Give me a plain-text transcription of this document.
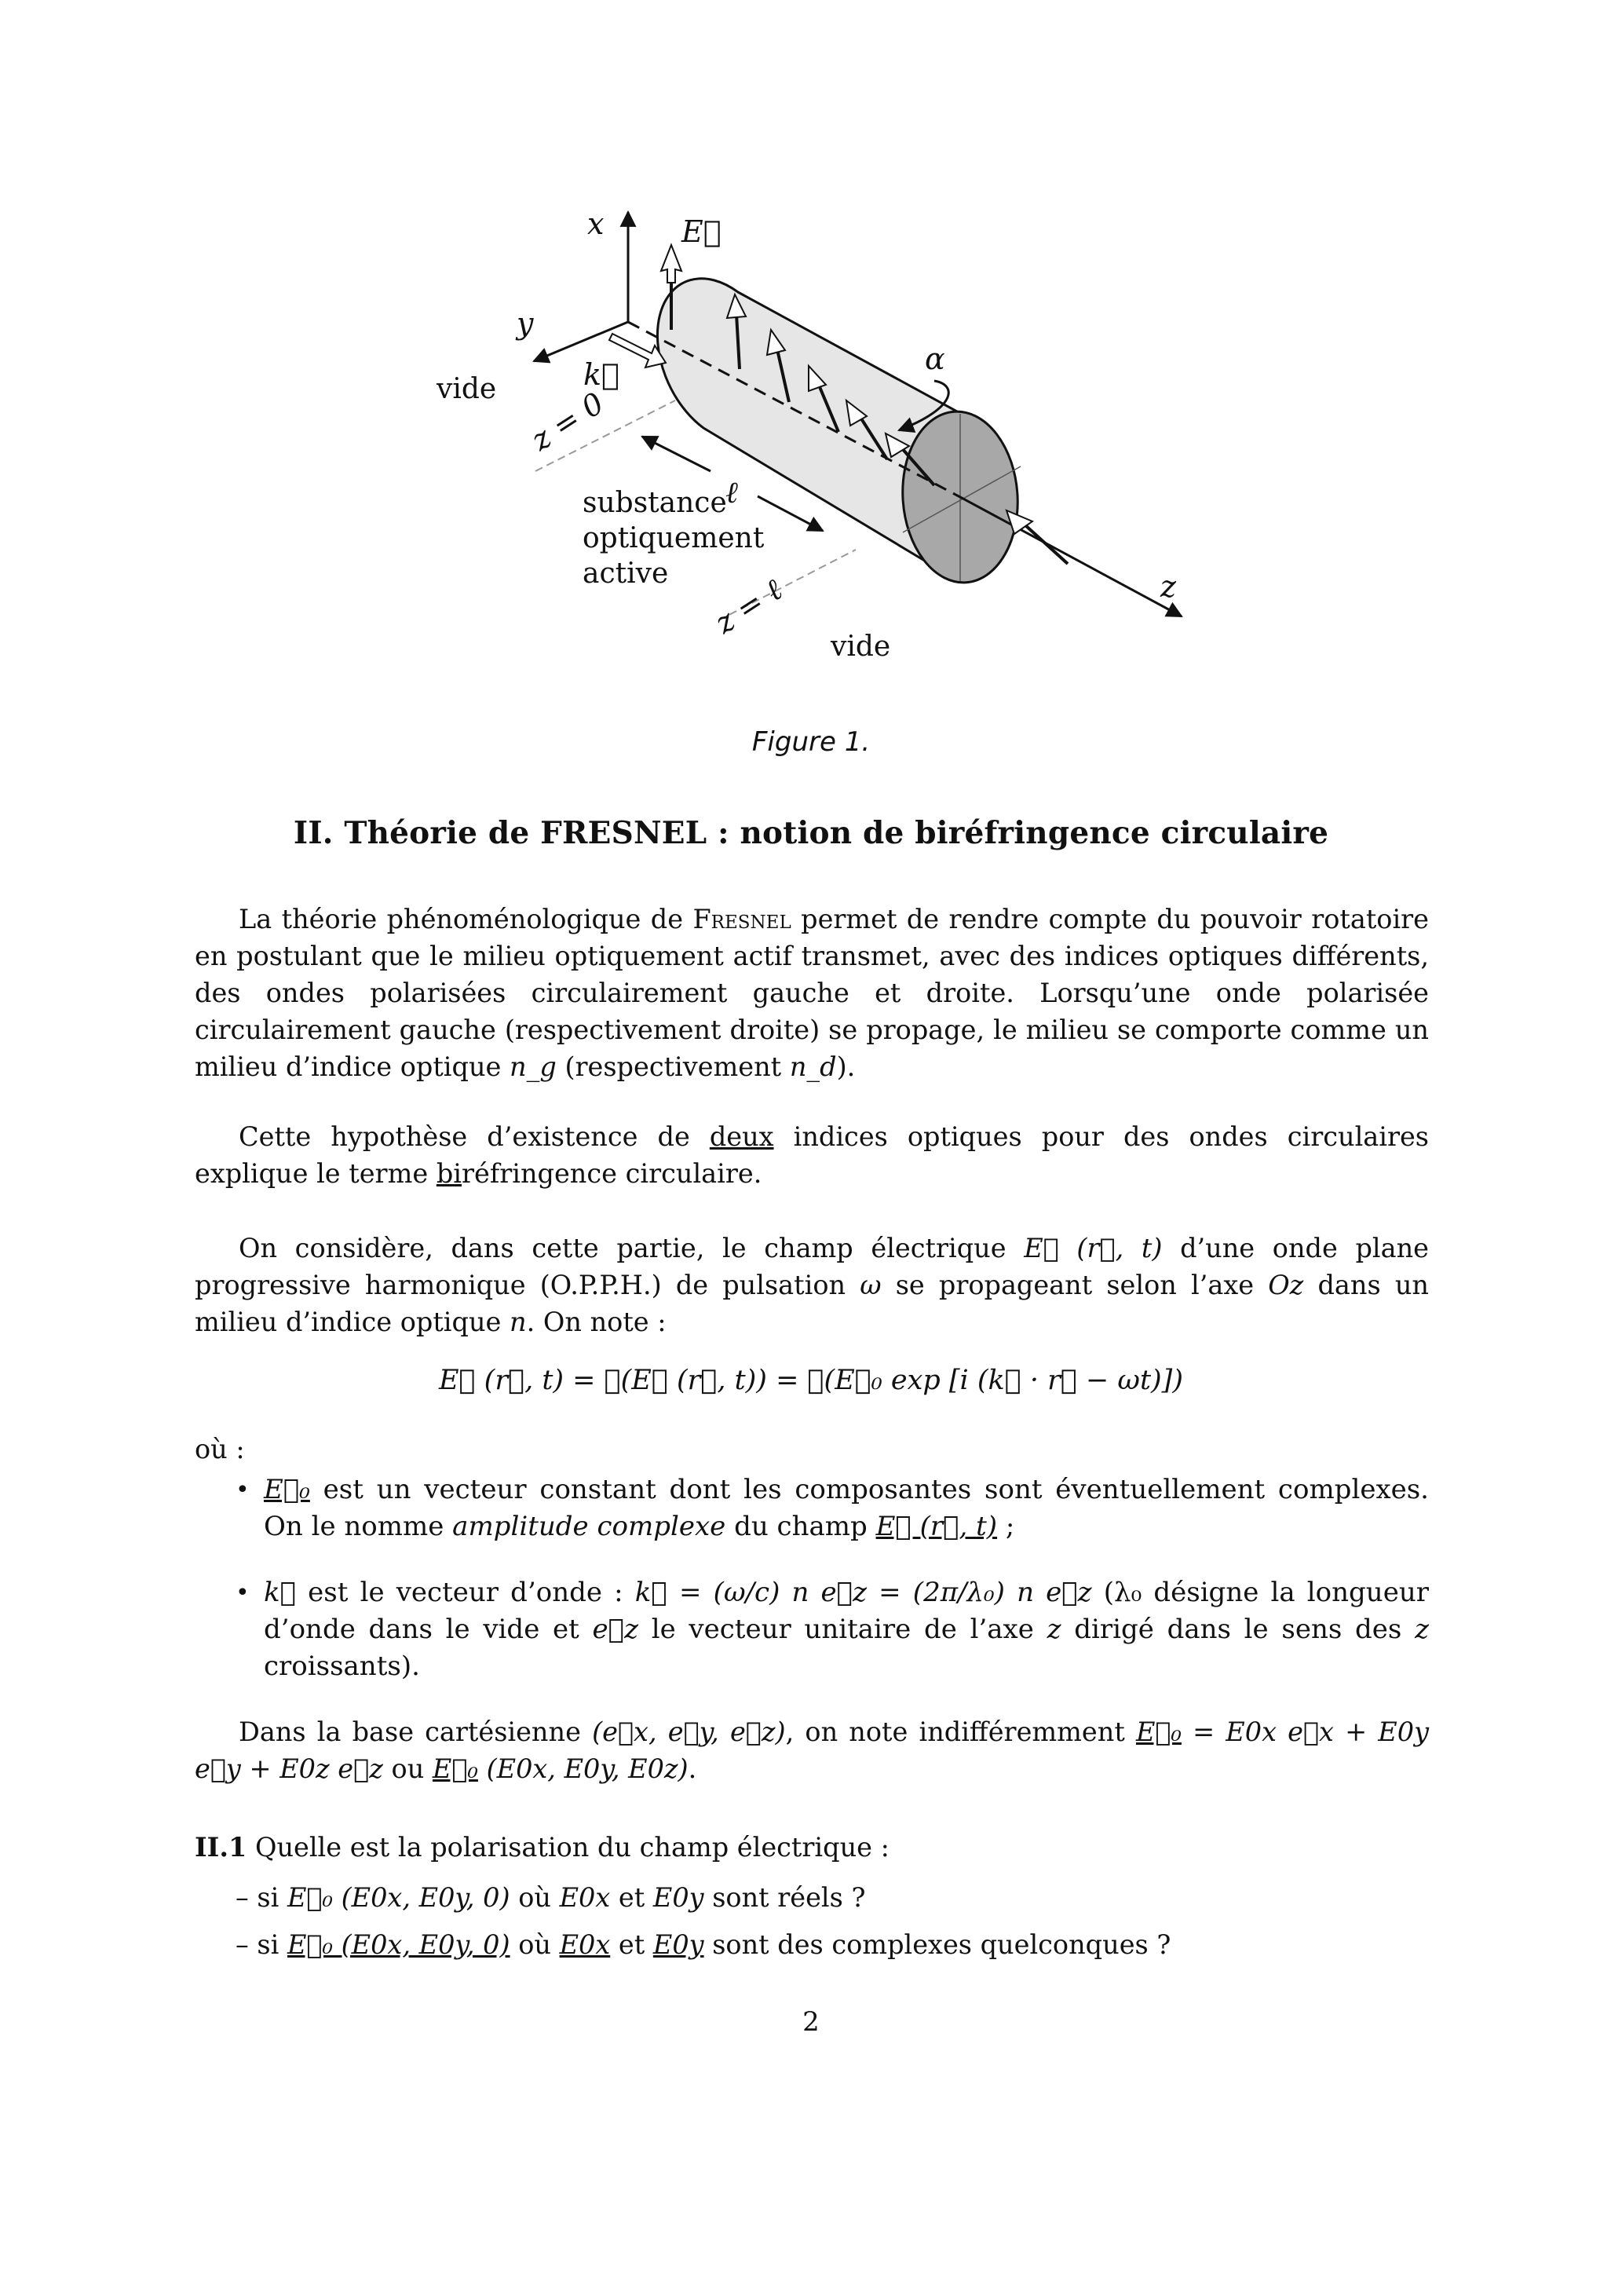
x	E⃗
y
k⃗
vide z = 0
α
ℓ
substance
optiquement
active z = ℓ
vide
z
Figure 1.
II. Théorie de FRESNEL : notion de biréfringence circulaire
La théorie phénoménologique de Fresnel permet de rendre compte du pouvoir rotatoire en postulant que le milieu optiquement actif transmet, avec des indices optiques différents, des ondes polarisées circulairement gauche et droite. Lorsqu’une onde polarisée circulairement gauche (respectivement droite) se propage, le milieu se comporte comme un milieu d’indice optique n_g (respectivement n_d).
Cette hypothèse d’existence de deux indices optiques pour des ondes circulaires explique le terme biréfringence circulaire.
On considère, dans cette partie, le champ électrique E⃗ (r⃗, t) d’une onde plane progressive harmonique (O.P.P.H.) de pulsation ω se propageant selon l’axe Oz dans un milieu d’indice optique n. On note :
E⃗ (r⃗, t) = ℛ(E⃗ (r⃗, t)) = ℛ(E⃗₀ exp [i (k⃗ · r⃗ − ωt)])
où :
• E⃗₀ est un vecteur constant dont les composantes sont éventuellement complexes. On le nomme amplitude complexe du champ E⃗ (r⃗, t) ;
• k⃗ est le vecteur d’onde : k⃗ = (ω/c) n e⃗z = (2π/λ₀) n e⃗z (λ₀ désigne la longueur d’onde dans le vide et e⃗z le vecteur unitaire de l’axe z dirigé dans le sens des z croissants).
Dans la base cartésienne (e⃗x, e⃗y, e⃗z), on note indifféremment E⃗₀ = E0x e⃗x + E0y e⃗y + E0z e⃗z ou E⃗₀ (E0x, E0y, E0z).
II.1 Quelle est la polarisation du champ électrique :
– si E⃗₀ (E0x, E0y, 0) où E0x et E0y sont réels ?
– si E⃗₀ (E0x, E0y, 0) où E0x et E0y sont des complexes quelconques ?
2
